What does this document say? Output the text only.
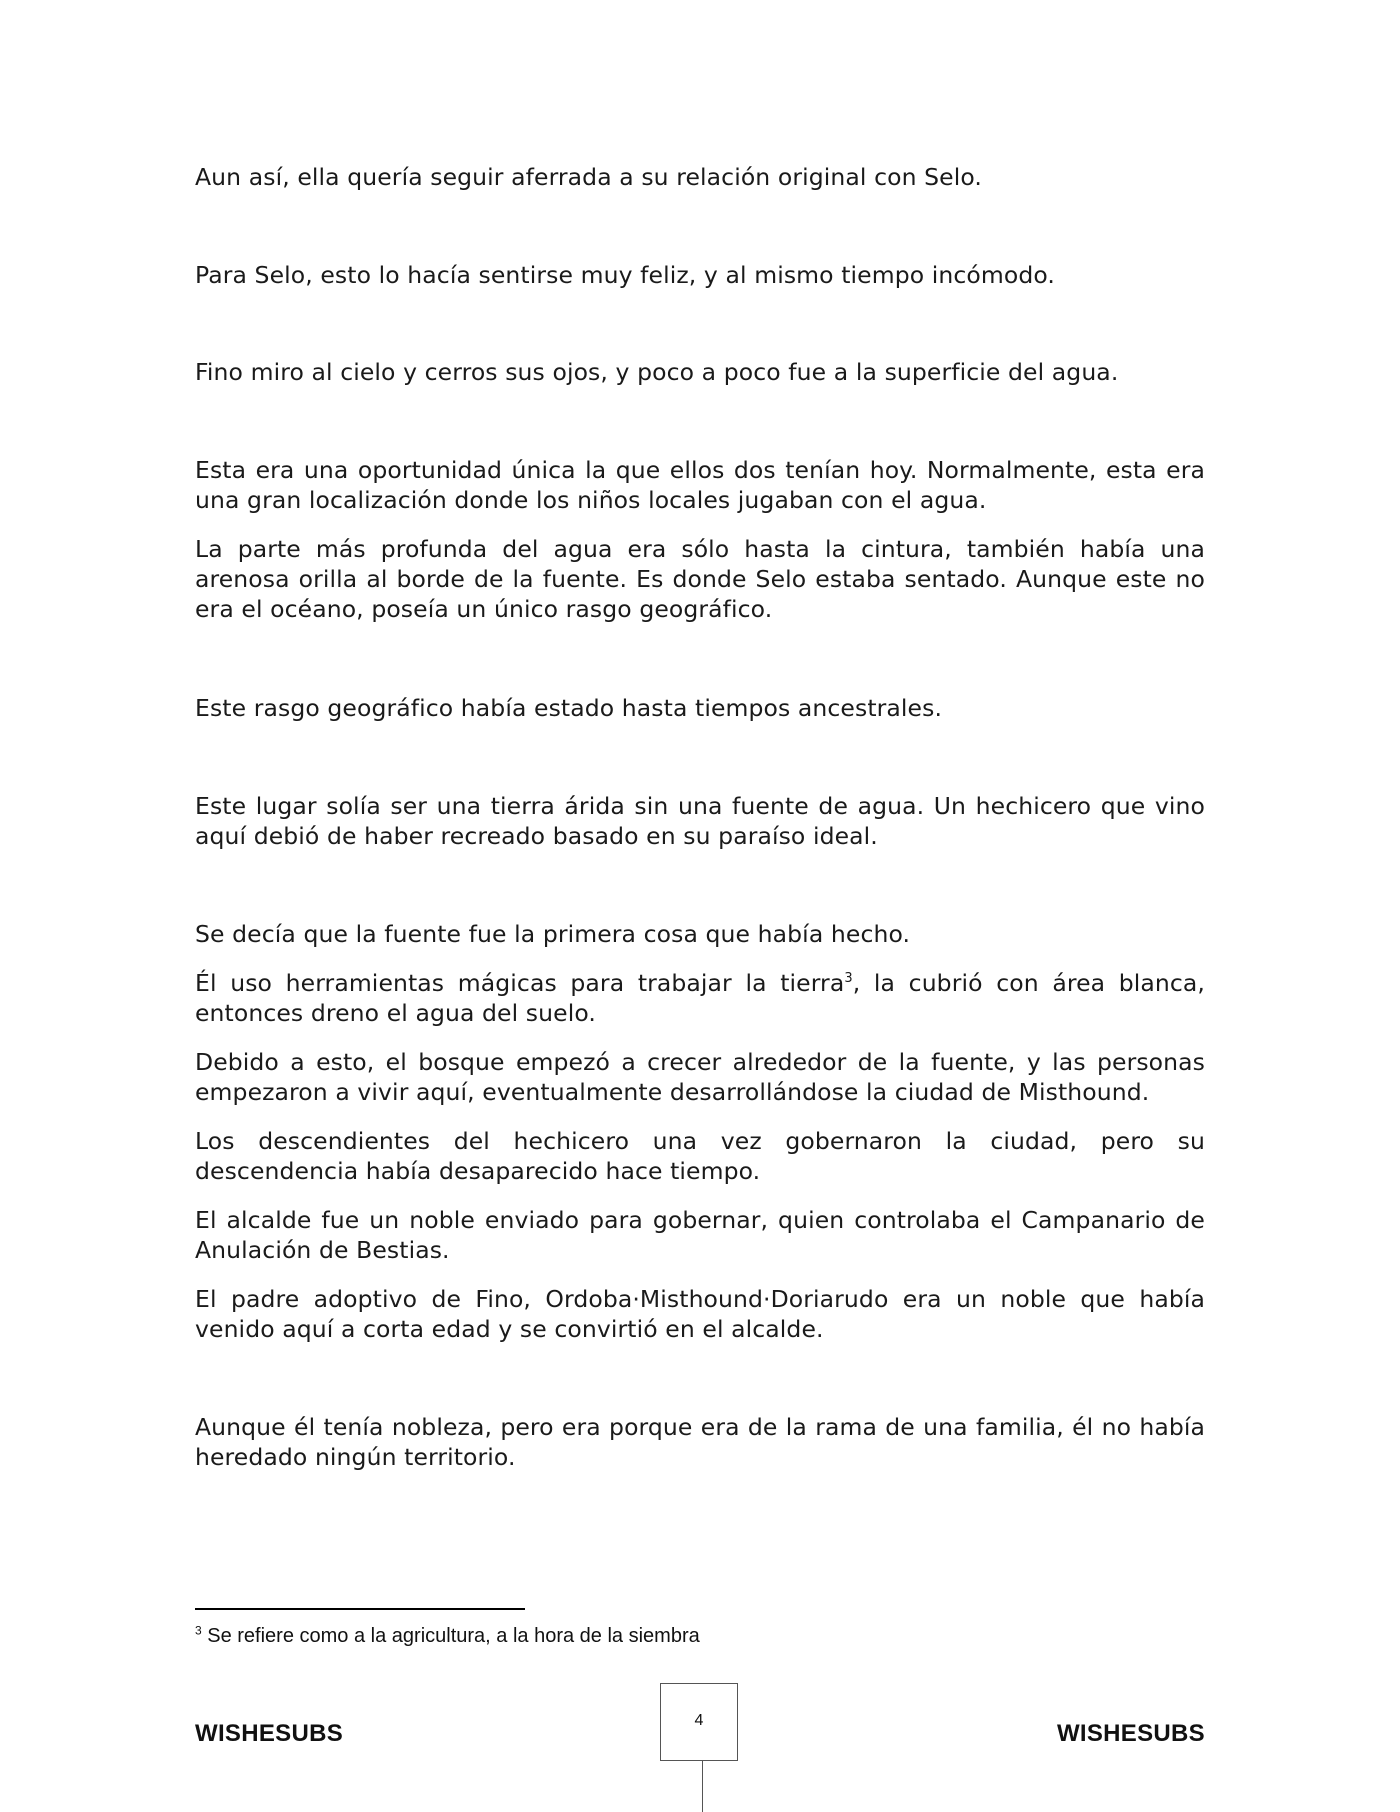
Aun así, ella quería seguir aferrada a su relación original con Selo.

Para Selo, esto lo hacía sentirse muy feliz, y al mismo tiempo incómodo.

Fino miro al cielo y cerros sus ojos, y poco a poco fue a la superficie del agua.

Esta era una oportunidad única la que ellos dos tenían hoy. Normalmente, esta era una gran localización donde los niños locales jugaban con el agua.

La parte más profunda del agua era sólo hasta la cintura, también había una arenosa orilla al borde de la fuente. Es donde Selo estaba sentado. Aunque este no era el océano, poseía un único rasgo geográfico.

Este rasgo geográfico había estado hasta tiempos ancestrales.

Este lugar solía ser una tierra árida sin una fuente de agua. Un hechicero que vino aquí debió de haber recreado basado en su paraíso ideal.

Se decía que la fuente fue la primera cosa que había hecho.

Él uso herramientas mágicas para trabajar la tierra$^3$, la cubrió con área blanca, entonces dreno el agua del suelo.

Debido a esto, el bosque empezó a crecer alrededor de la fuente, y las personas empezaron a vivir aquí, eventualmente desarrollándose la ciudad de Misthound.

Los descendientes del hechicero una vez gobernaron la ciudad, pero su descendencia había desaparecido hace tiempo.

El alcalde fue un noble enviado para gobernar, quien controlaba el Campanario de Anulación de Bestias.

El padre adoptivo de Fino, Ordoba·Misthound·Doriarudo era un noble que había venido aquí a corta edad y se convirtió en el alcalde.

Aunque él tenía nobleza, pero era porque era de la rama de una familia, él no había heredado ningún territorio.

$^3$ Se refiere como a la agricultura, a la hora de la siembra
WISHESUBS	4	WISHESUBS
